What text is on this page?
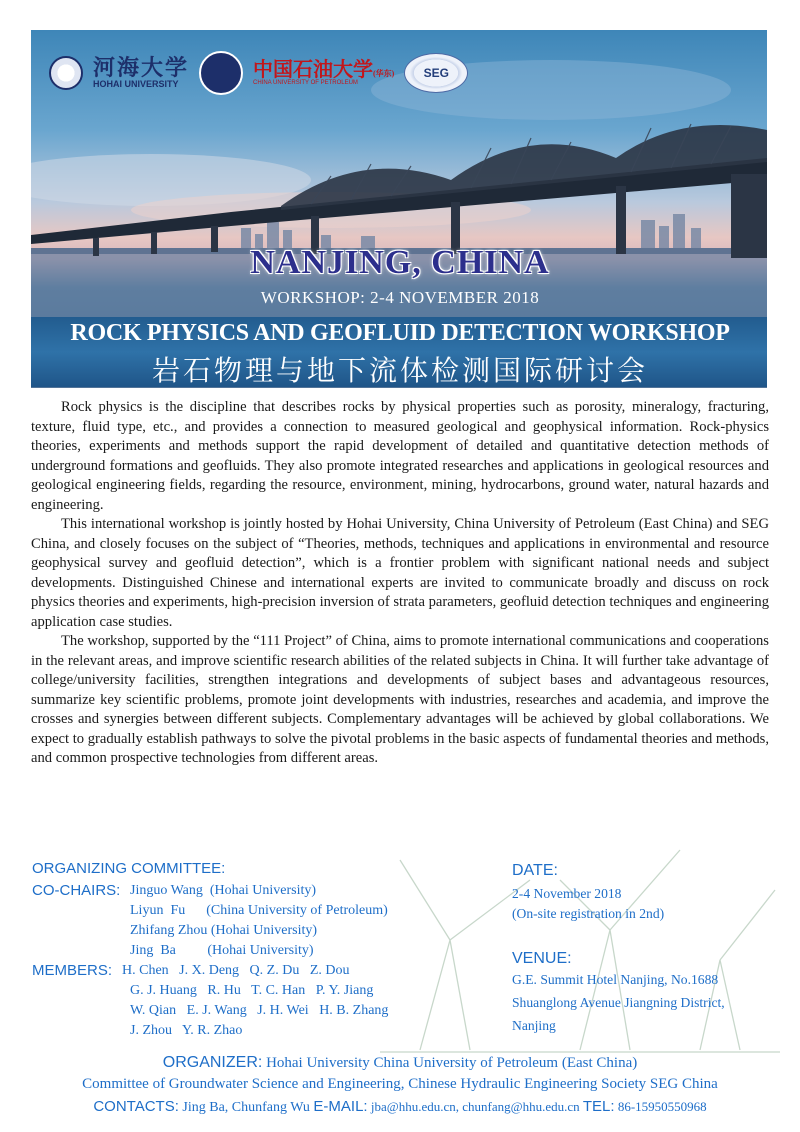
河海大学
HOHAI UNIVERSITY
中国石油大学(华东)
CHINA UNIVERSITY OF PETROLEUM
SEG
NANJING, CHINA
WORKSHOP: 2-4 NOVEMBER 2018
ROCK PHYSICS AND GEOFLUID DETECTION WORKSHOP
岩石物理与地下流体检测国际研讨会

Rock physics is the discipline that describes rocks by physical properties such as porosity, mineralogy, fracturing, texture, fluid type, etc., and provides a connection to measured geological and geophysical information. Rock-physics theories, experiments and methods support the rapid development of detailed and quantitative detection methods of underground formations and geofluids. They also promote integrated researches and applications in geological resources and geological engineering fields, regarding the resource, environment, mining, hydrocarbons, ground water, natural hazards and engineering.

This international workshop is jointly hosted by Hohai University, China University of Petroleum (East China) and SEG China, and closely focuses on the subject of “Theories, methods, techniques and applications in environmental and resource geophysical survey and geofluid detection”, which is a frontier problem with significant national needs and subject developments. Distinguished Chinese and international experts are invited to communicate broadly and discuss on rock physics theories and experiments, high-precision inversion of strata parameters, geofluid detection techniques and engineering application case studies.

The workshop, supported by the “111 Project” of China, aims to promote international communications and cooperations in the relevant areas, and improve scientific research abilities of the related subjects in China. It will further take advantage of college/university facilities, strengthen integrations and developments of subject bases and advantageous resources, summarize key scientific problems, promote joint developments with industries, researches and academia, and improve the crosses and synergies between different subjects. Complementary advantages will be achieved by global collaborations. We expect to gradually establish pathways to solve the pivotal problems in the basic aspects of fundamental theories and methods, and common prospective technologies from different areas.

ORGANIZING COMMITTEE:
CO-CHAIRS: Jinguo Wang  (Hohai University)
Liyun  Fu      (China University of Petroleum)
Zhifang Zhou (Hohai University)
Jing  Ba         (Hohai University)
MEMBERS: H. Chen   J. X. Deng   Q. Z. Du   Z. Dou
G. J. Huang   R. Hu   T. C. Han   P. Y. Jiang
W. Qian   E. J. Wang   J. H. Wei   H. B. Zhang
J. Zhou   Y. R. Zhao
DATE:
2-4 November 2018
(On-site registration in 2nd)
VENUE:
G.E. Summit Hotel Nanjing, No.1688
Shuanglong Avenue Jiangning District,
Nanjing
ORGANIZER: Hohai University China University of Petroleum (East China)
Committee of Groundwater Science and Engineering, Chinese Hydraulic Engineering Society SEG China
CONTACTS: Jing Ba, Chunfang Wu E-MAIL: jba@hhu.edu.cn, chunfang@hhu.edu.cn TEL: 86-15950550968
